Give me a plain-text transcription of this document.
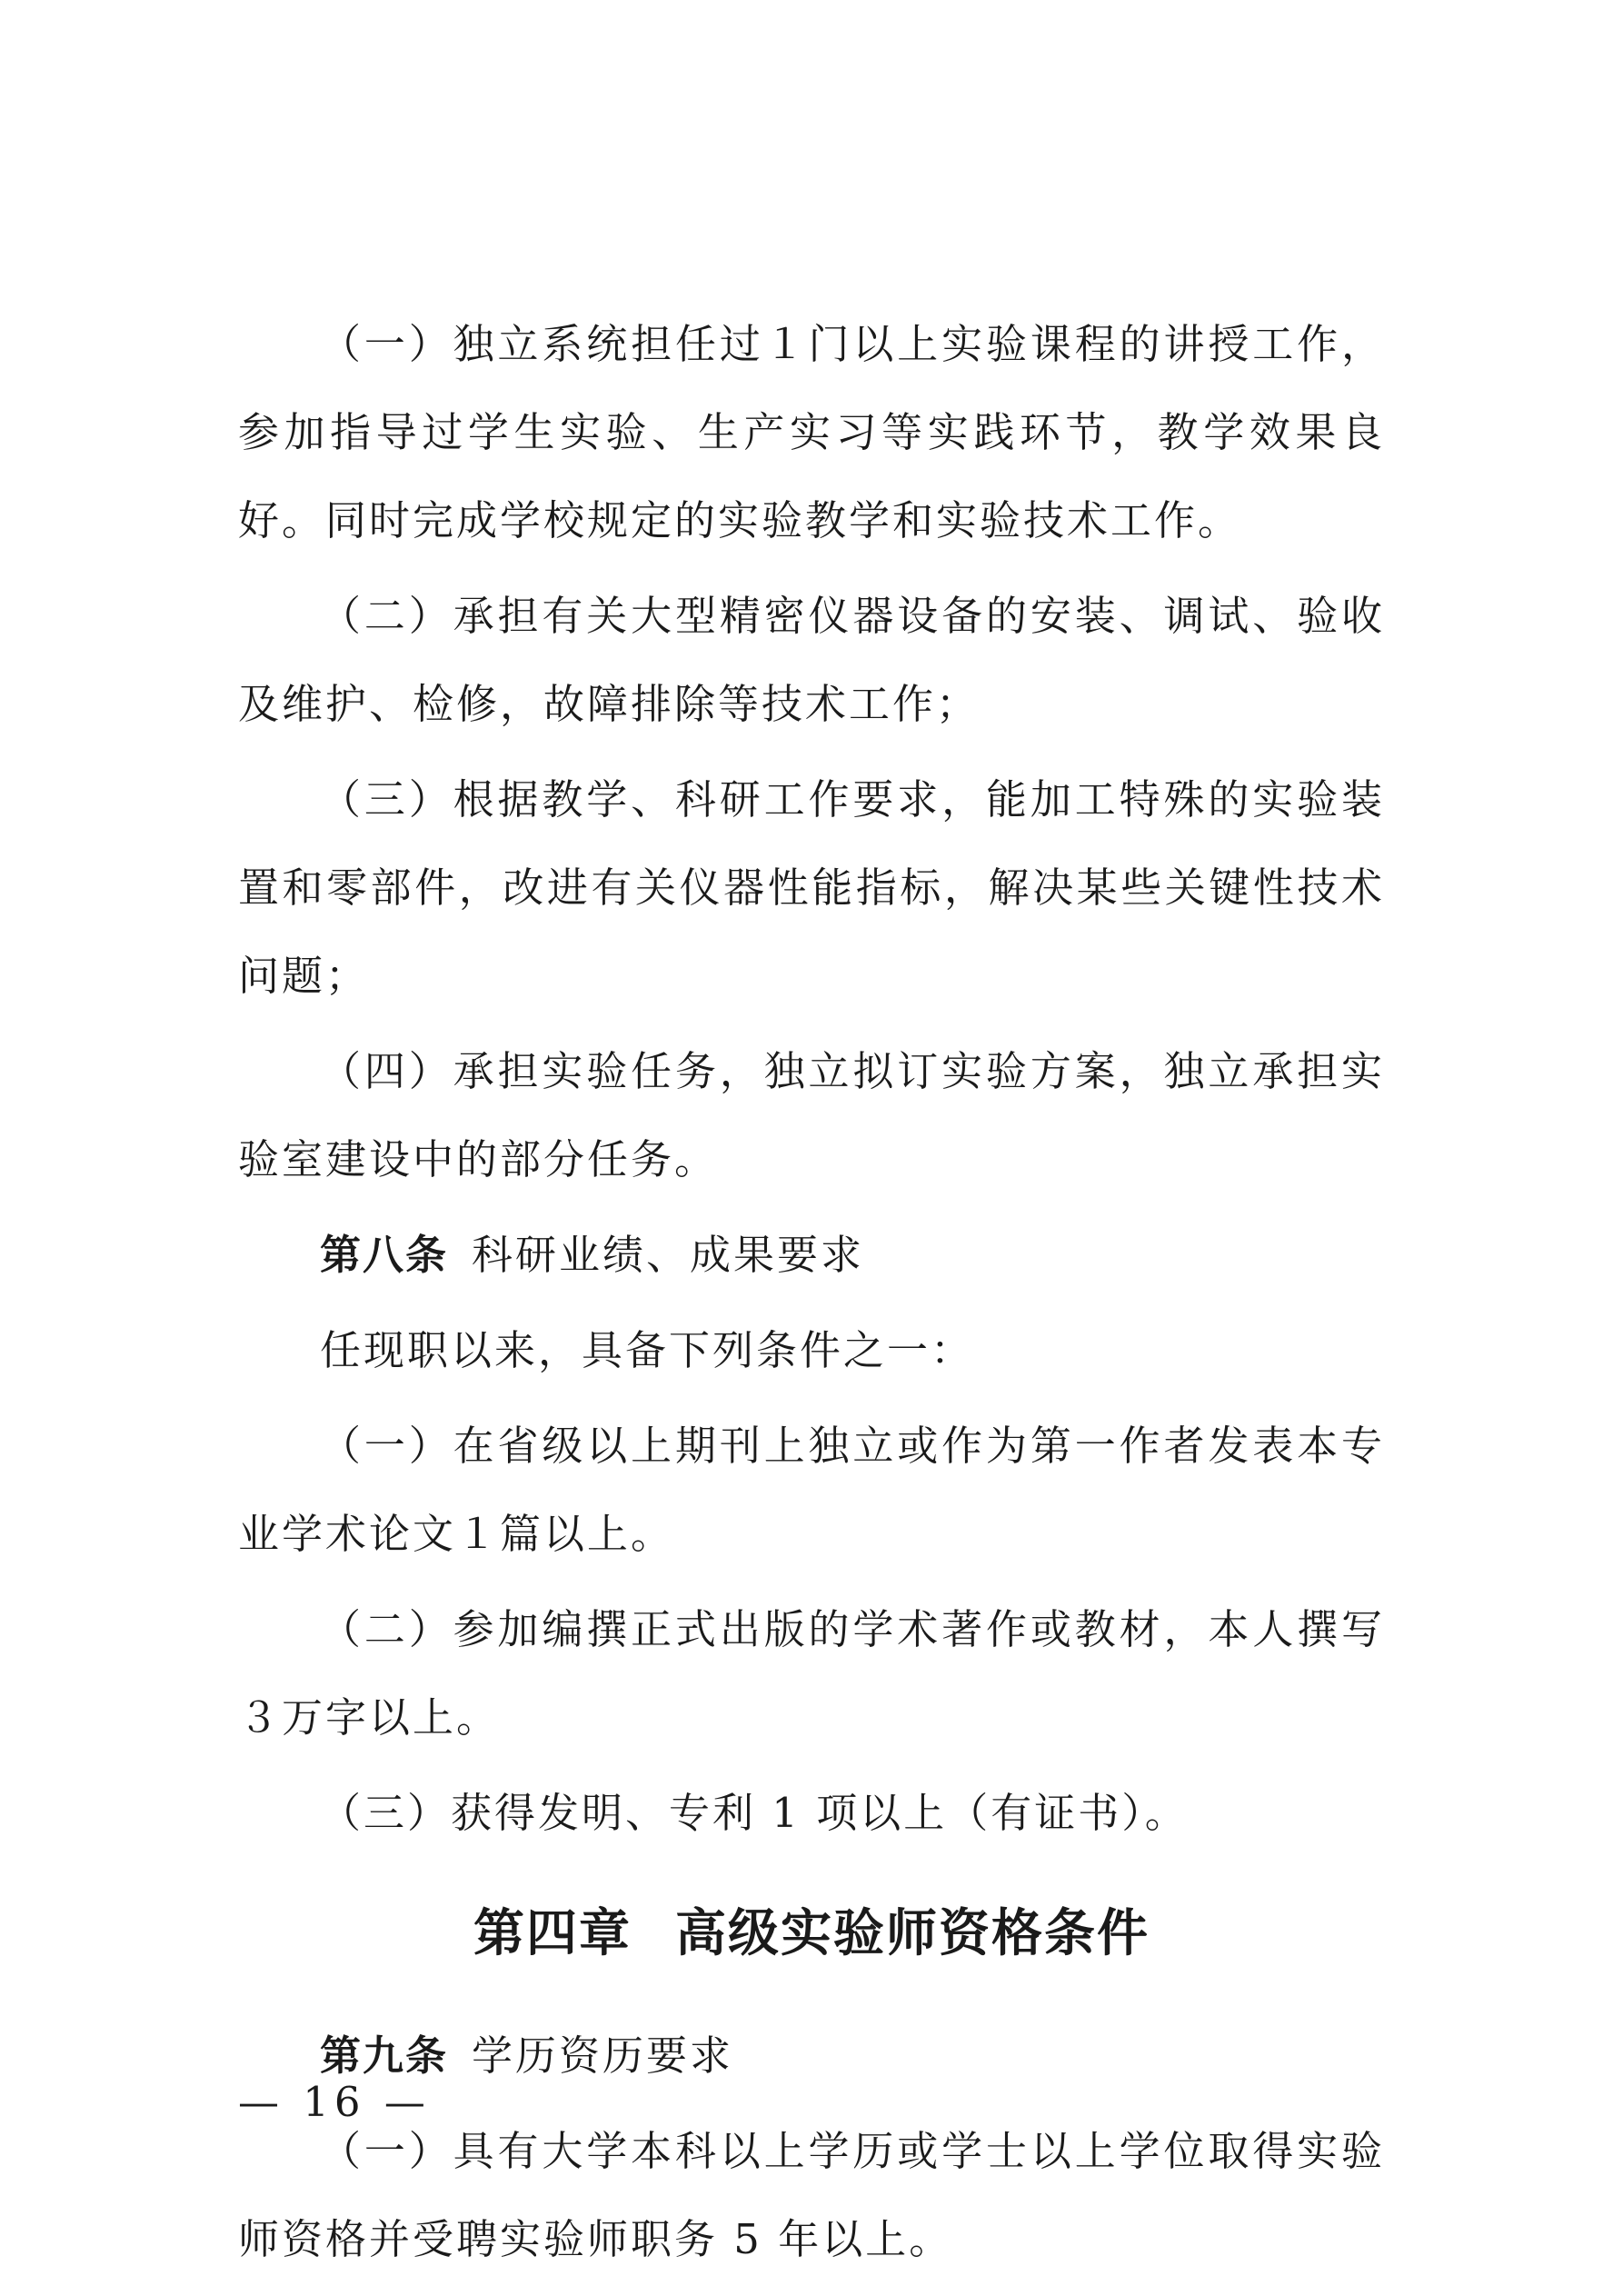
（一）独立系统担任过１门以上实验课程的讲授工作，参加指导过学生实验、生产实习等实践环节，教学效果良好。同时完成学校规定的实验教学和实验技术工作。

（二）承担有关大型精密仪器设备的安装、调试、验收及维护、检修，故障排除等技术工作；

（三）根据教学、科研工作要求，能加工特殊的实验装置和零部件，改进有关仪器性能指标，解决某些关键性技术问题；

（四）承担实验任务，独立拟订实验方案，独立承担实验室建设中的部分任务。

第八条 科研业绩、成果要求

任现职以来，具备下列条件之一：

（一）在省级以上期刊上独立或作为第一作者发表本专业学术论文１篇以上。

（二）参加编撰正式出版的学术著作或教材，本人撰写３万字以上。

（三）获得发明、专利 1 项以上（有证书）。

第四章 高级实验师资格条件

第九条 学历资历要求

（一）具有大学本科以上学历或学士以上学位取得实验师资格并受聘实验师职务 5 年以上。

— 16 —
